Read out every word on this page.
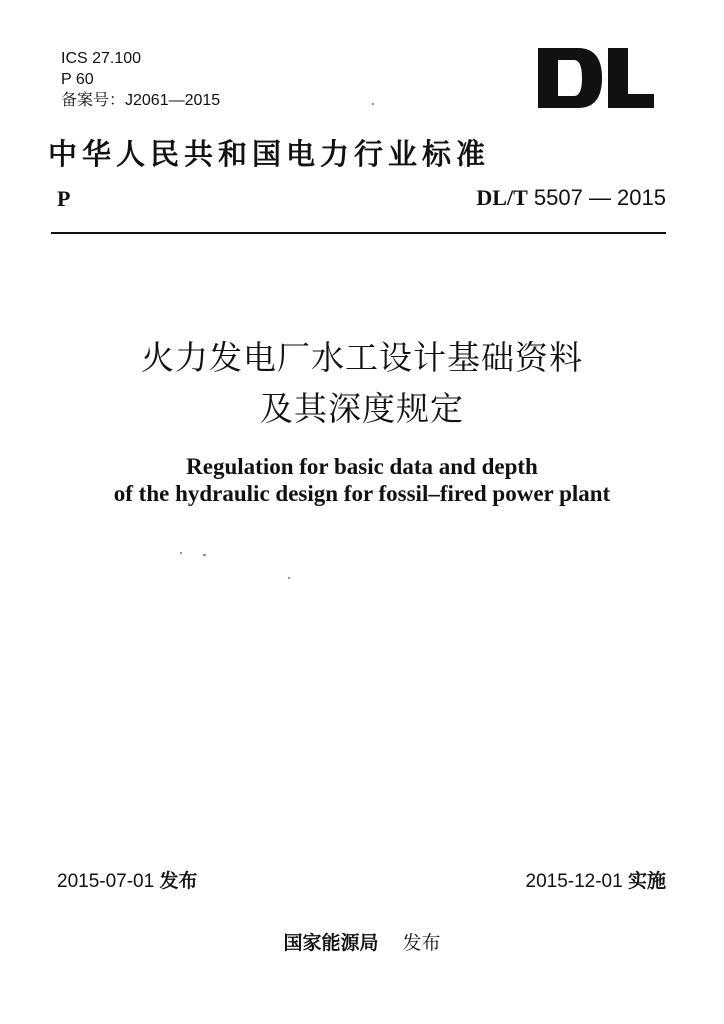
ICS 27.100
P 60
备案号：J2061—2015
中华人民共和国电力行业标准
P	DL/T 5507 — 2015
火力发电厂水工设计基础资料
及其深度规定
Regulation for basic data and depth
of the hydraulic design for fossil–fired power plant
2015-07-01 发布	2015-12-01 实施
国家能源局 发布
